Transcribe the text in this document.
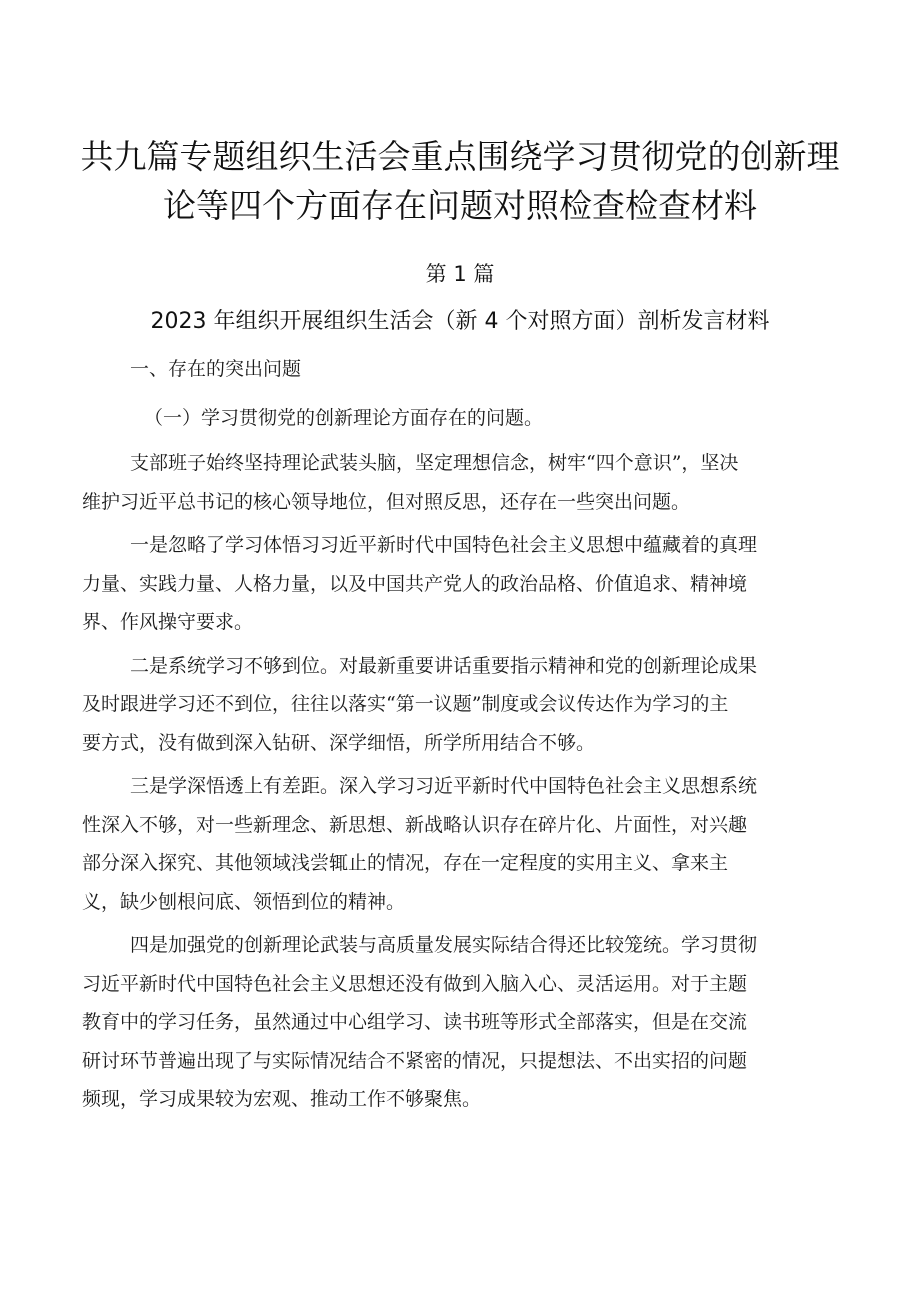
共九篇专题组织生活会重点围绕学习贯彻党的创新理
论等四个方面存在问题对照检查检查材料
第 1 篇
2023 年组织开展组织生活会（新 4 个对照方面）剖析发言材料

一、存在的突出问题

（一）学习贯彻党的创新理论方面存在的问题。

支部班子始终坚持理论武装头脑，坚定理想信念，树牢“四个意识”，坚决
维护习近平总书记的核心领导地位，但对照反思，还存在一些突出问题。
一是忽略了学习体悟习习近平新时代中国特色社会主义思想中蕴藏着的真理
力量、实践力量、人格力量，以及中国共产党人的政治品格、价值追求、精神境
界、作风操守要求。
二是系统学习不够到位。对最新重要讲话重要指示精神和党的创新理论成果
及时跟进学习还不到位，往往以落实“第一议题”制度或会议传达作为学习的主
要方式，没有做到深入钻研、深学细悟，所学所用结合不够。
三是学深悟透上有差距。深入学习习近平新时代中国特色社会主义思想系统
性深入不够，对一些新理念、新思想、新战略认识存在碎片化、片面性，对兴趣
部分深入探究、其他领域浅尝辄止的情况，存在一定程度的实用主义、拿来主
义，缺少刨根问底、领悟到位的精神。
四是加强党的创新理论武装与高质量发展实际结合得还比较笼统。学习贯彻
习近平新时代中国特色社会主义思想还没有做到入脑入心、灵活运用。对于主题
教育中的学习任务，虽然通过中心组学习、读书班等形式全部落实，但是在交流
研讨环节普遍出现了与实际情况结合不紧密的情况，只提想法、不出实招的问题
频现，学习成果较为宏观、推动工作不够聚焦。
